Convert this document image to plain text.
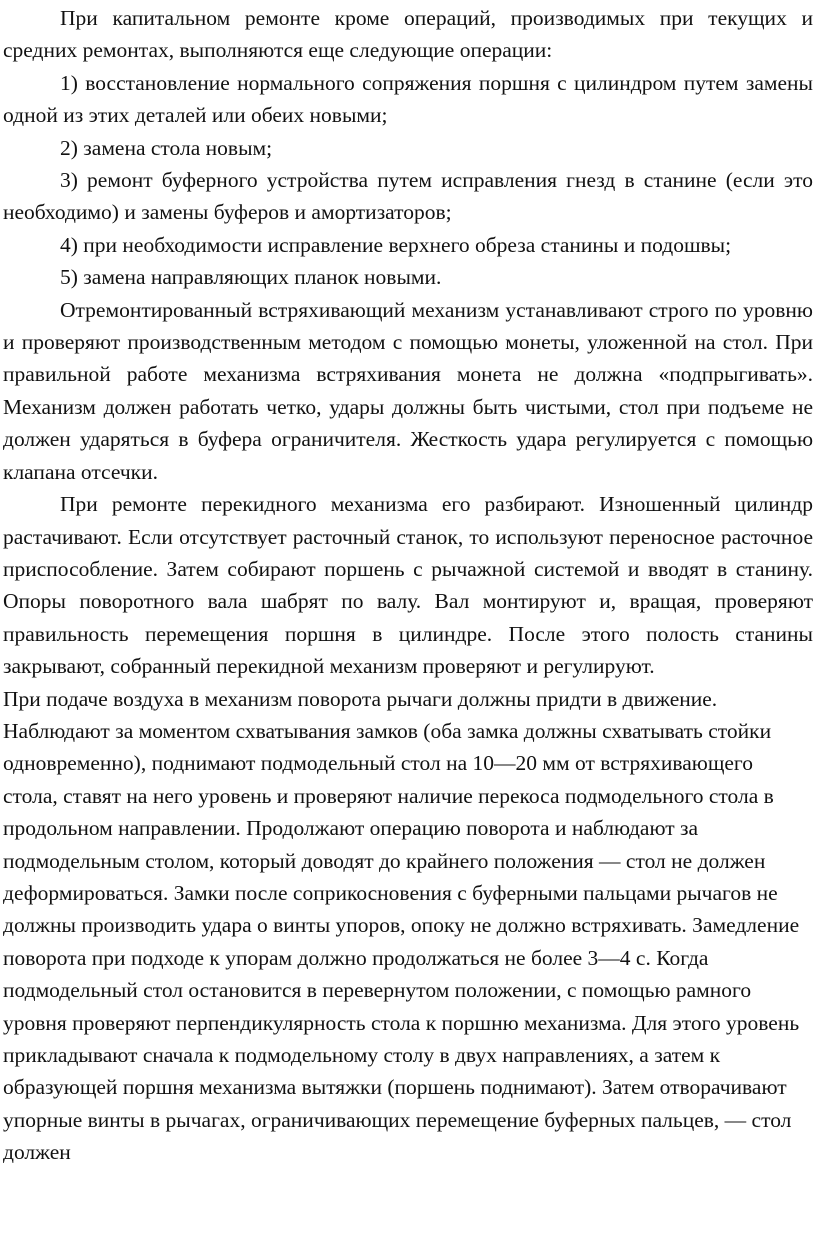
При капитальном ремонте кроме операций, производимых при текущих и средних ремонтах, выполняются еще следующие операции:

1) восстановление нормального сопряжения поршня с цилиндром путем замены одной из этих деталей или обеих новыми;

2) замена стола новым;

3) ремонт буферного устройства путем исправления гнезд в станине (если это необходимо) и замены буферов и амортизаторов;

4) при необходимости исправление верхнего обреза станины и подошвы;

5) замена направляющих планок новыми.

Отремонтированный встряхивающий механизм устанавливают строго по уровню и проверяют производственным методом с помощью монеты, уложенной на стол. При правильной работе механизма встряхивания монета не должна «подпрыгивать». Механизм должен работать четко, удары должны быть чистыми, стол при подъеме не должен ударяться в буфера ограничителя. Жесткость удара регулируется с помощью клапана отсечки.

При ремонте перекидного механизма его разбирают. Изношенный цилиндр растачивают. Если отсутствует расточный станок, то используют переносное расточное приспособление. Затем собирают поршень с рычажной системой и вводят в станину. Опоры поворотного вала шабрят по валу. Вал монтируют и, вращая, проверяют правильность перемещения поршня в цилиндре. После этого полость станины закрывают, собранный перекидной механизм проверяют и регулируют.

При подаче воздуха в механизм поворота рычаги должны придти в движение. Наблюдают за моментом схватывания замков (оба замка должны схватывать стойки одновременно), поднимают подмодельный стол на 10—20 мм от встряхивающего стола, ставят на него уровень и проверяют наличие перекоса подмодельного стола в продольном направлении. Продолжают операцию поворота и наблюдают за подмодельным столом, который доводят до крайнего положения — стол не должен деформироваться. Замки после соприкосновения с буферными пальцами рычагов не должны производить удара о винты упоров, опоку не должно встряхивать. Замедление поворота при подходе к упорам должно продолжаться не более 3—4 с. Когда подмодельный стол остановится в перевернутом положении, с помощью рамного уровня проверяют перпендикулярность стола к поршню механизма. Для этого уровень прикладывают сначала к подмодельному столу в двух направлениях, а затем к образующей поршня механизма вытяжки (поршень поднимают). Затем отворачивают упорные винты в рычагах, ограничивающих перемещение буферных пальцев, — стол должен
